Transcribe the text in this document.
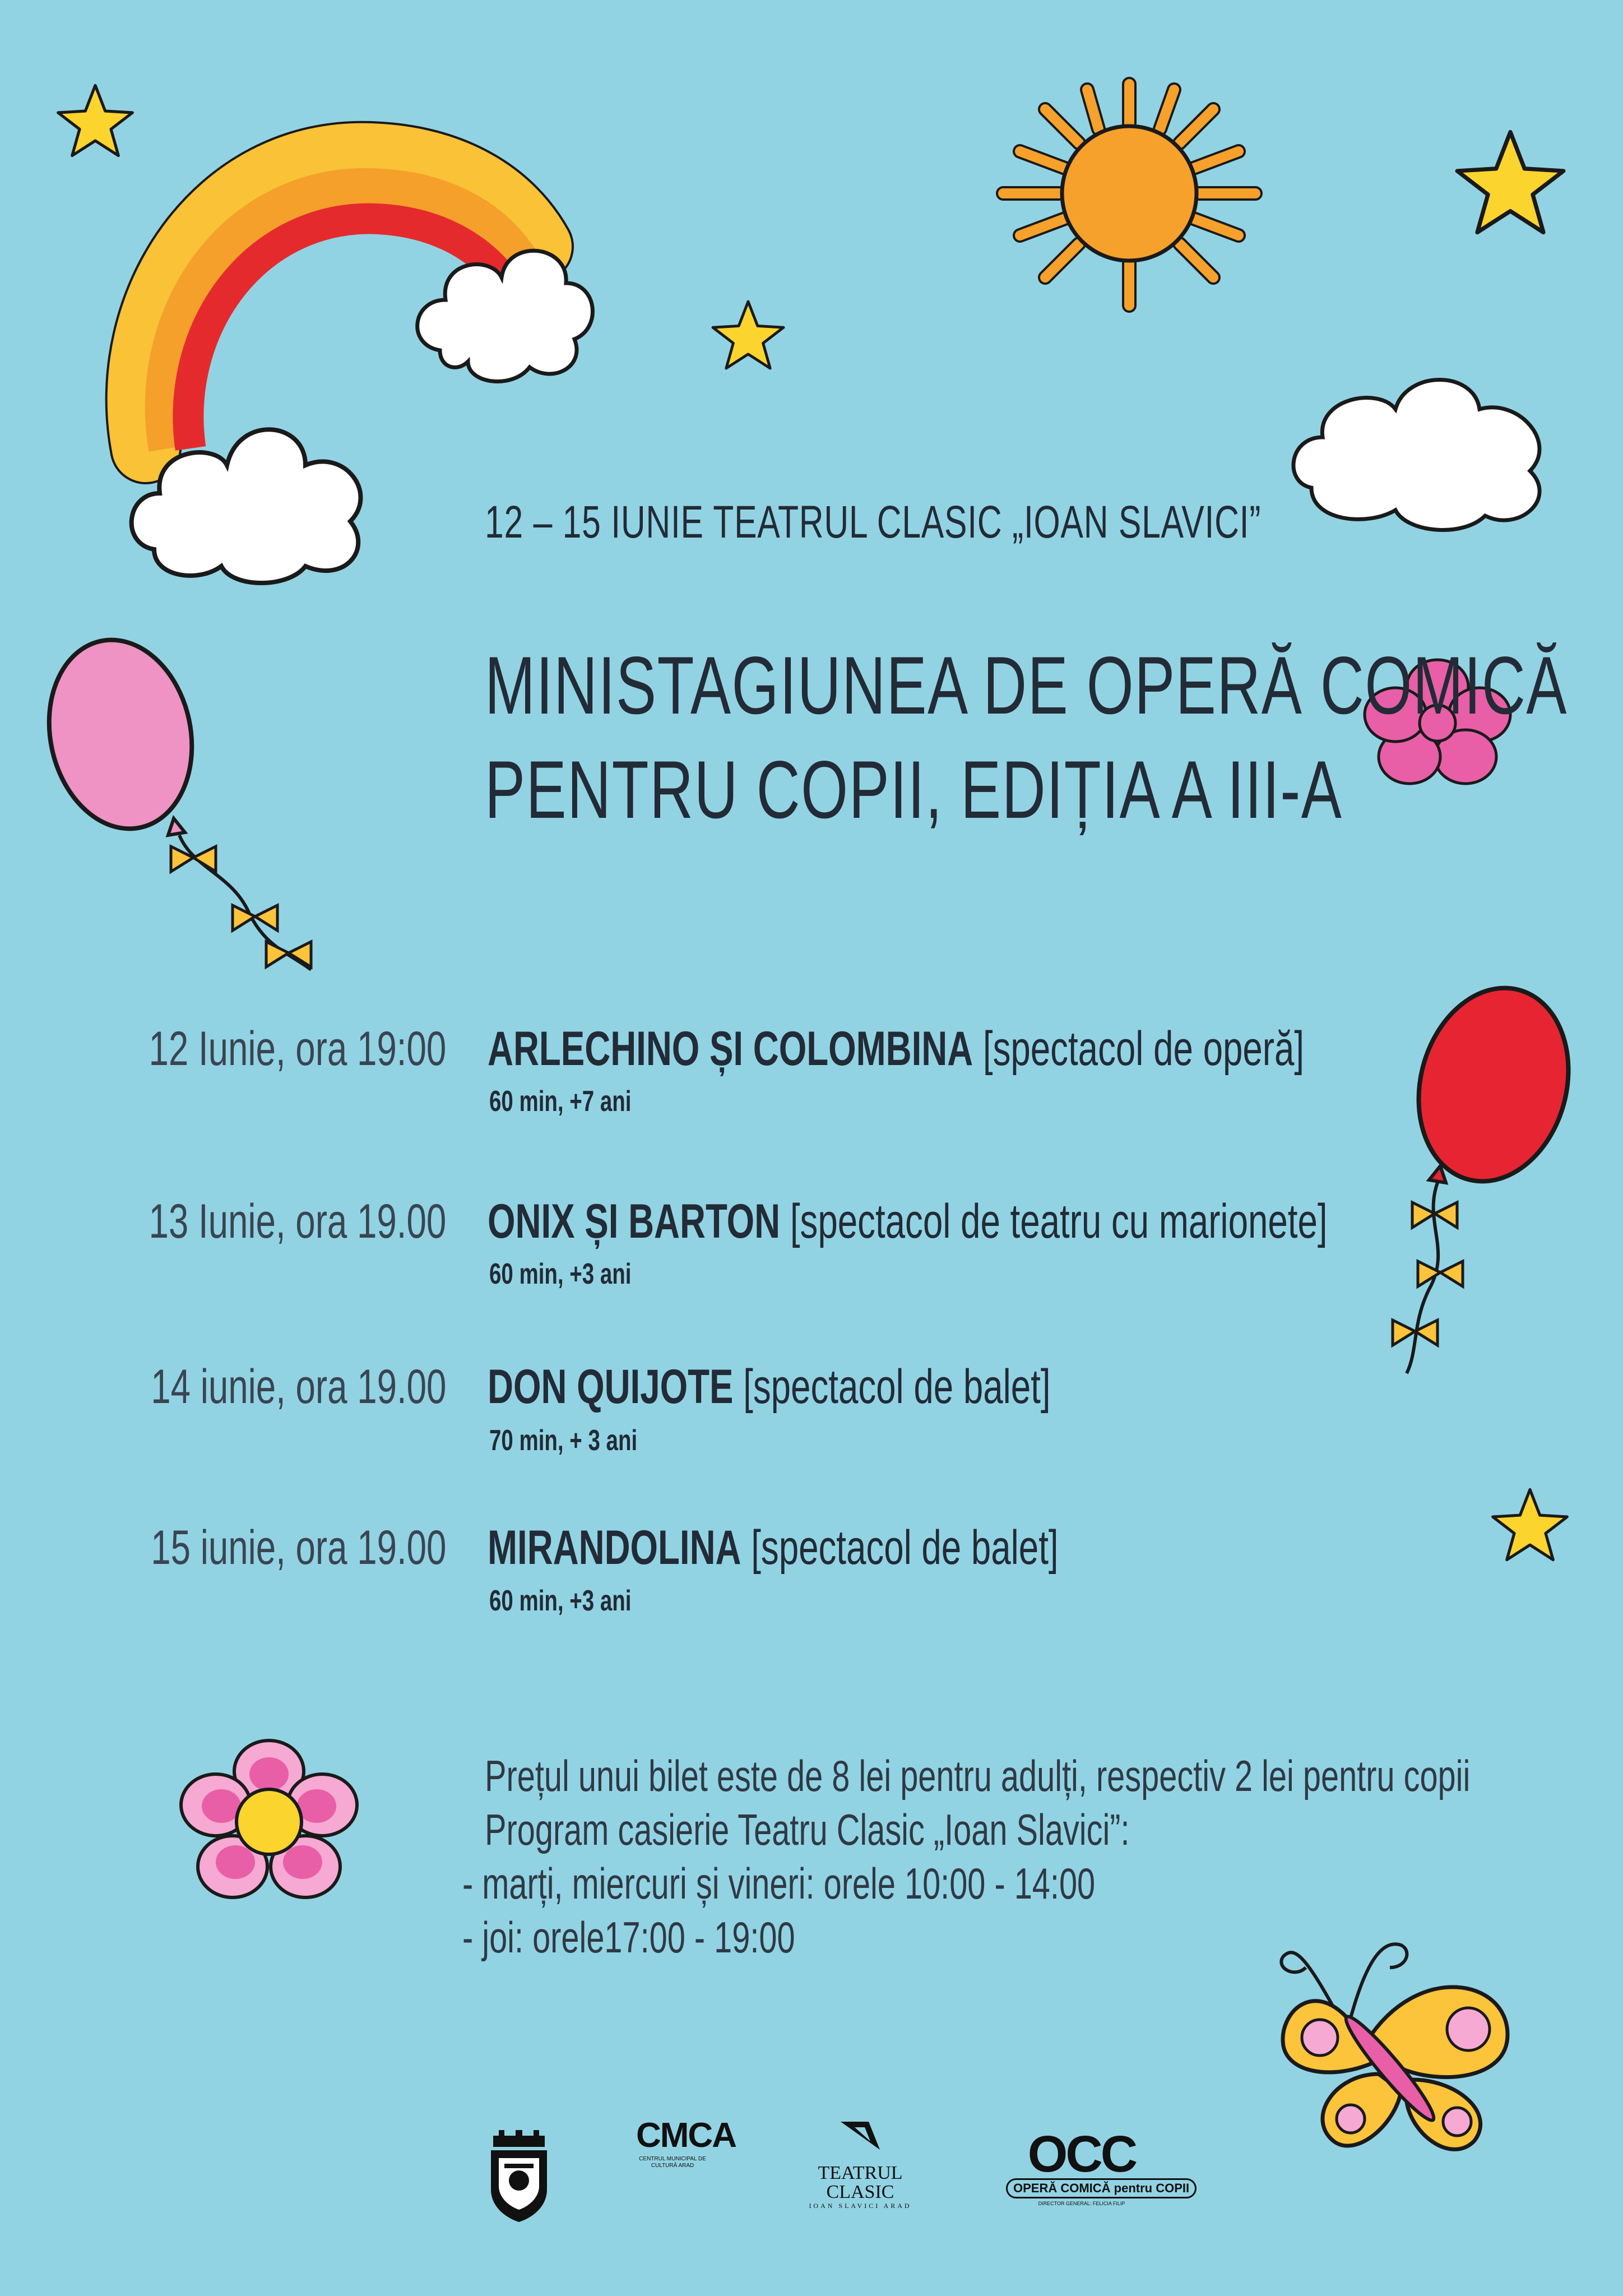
12 – 15 IUNIE TEATRUL CLASIC „IOAN SLAVICI”
MINISTAGIUNEA DE OPERĂ COMICĂ
PENTRU COPII, EDIȚIA A III-A
12 Iunie, ora 19:00 ARLECHINO ȘI COLOMBINA [spectacol de operă]
60 min, +7 ani
13 Iunie, ora 19.00 ONIX ȘI BARTON [spectacol de teatru cu marionete]
60 min, +3 ani
14 iunie, ora 19.00 DON QUIJOTE [spectacol de balet]
70 min, + 3 ani
15 iunie, ora 19.00 MIRANDOLINA [spectacol de balet]
60 min, +3 ani
Prețul unui bilet este de 8 lei pentru adulți, respectiv 2 lei pentru copii
Program casierie Teatru Clasic „Ioan Slavici”:
- marți, miercuri și vineri: orele 10:00 - 14:00
- joi: orele17:00 - 19:00
CMCA
CENTRUL MUNICIPAL DE CULTURĂ ARAD	TEATRUL CLASIC
IOAN SLAVICI ARAD
OCC
OPERĂ COMICĂ pentru COPII
DIRECTOR GENERAL: FELICIA FILIP
